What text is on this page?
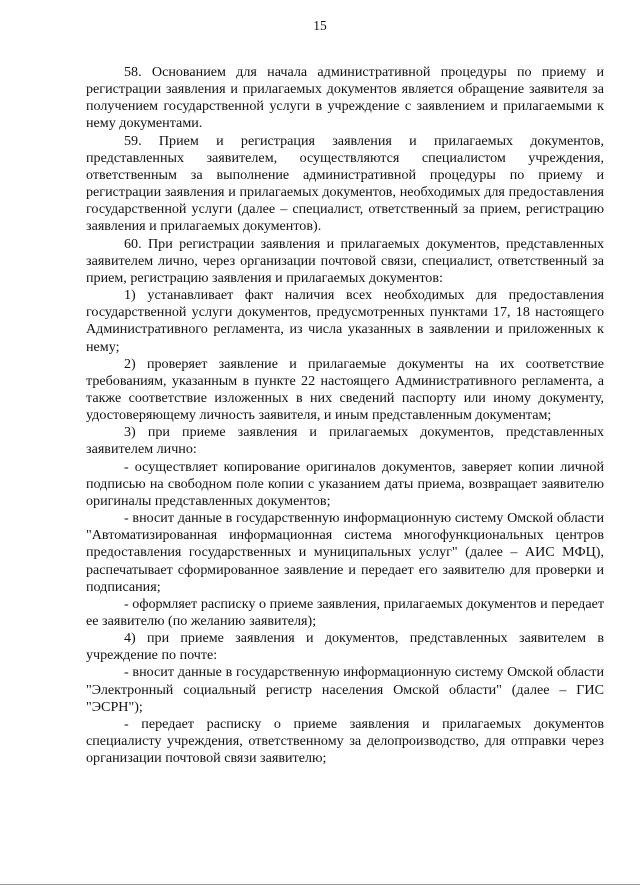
15

58. Основанием для начала административной процедуры по приему и регистрации заявления и прилагаемых документов является обращение заявителя за получением государственной услуги в учреждение с заявлением и прилагаемыми к нему документами.

59. Прием и регистрация заявления и прилагаемых документов, представленных заявителем, осуществляются специалистом учреждения, ответственным за выполнение административной процедуры по приему и регистрации заявления и прилагаемых документов, необходимых для предоставления государственной услуги (далее – специалист, ответственный за прием, регистрацию заявления и прилагаемых документов).

60. При регистрации заявления и прилагаемых документов, представленных заявителем лично, через организации почтовой связи, специалист, ответственный за прием, регистрацию заявления и прилагаемых документов:

1) устанавливает факт наличия всех необходимых для предоставления государственной услуги документов, предусмотренных пунктами 17, 18 настоящего Административного регламента, из числа указанных в заявлении и приложенных к нему;

2) проверяет заявление и прилагаемые документы на их соответствие требованиям, указанным в пункте 22 настоящего Административного регламента, а также соответствие изложенных в них сведений паспорту или иному документу, удостоверяющему личность заявителя, и иным представленным документам;

3) при приеме заявления и прилагаемых документов, представленных заявителем лично:

- осуществляет копирование оригиналов документов, заверяет копии личной подписью на свободном поле копии с указанием даты приема, возвращает заявителю оригиналы представленных документов;

- вносит данные в государственную информационную систему Омской области "Автоматизированная информационная система многофункциональных центров предоставления государственных и муниципальных услуг" (далее – АИС МФЦ), распечатывает сформированное заявление и передает его заявителю для проверки и подписания;

- оформляет расписку о приеме заявления, прилагаемых документов и передает ее заявителю (по желанию заявителя);

4) при приеме заявления и документов, представленных заявителем в учреждение по почте:

- вносит данные в государственную информационную систему Омской области "Электронный социальный регистр населения Омской области" (далее – ГИС "ЭСРН");

- передает расписку о приеме заявления и прилагаемых документов специалисту учреждения, ответственному за делопроизводство, для отправки через организации почтовой связи заявителю;
